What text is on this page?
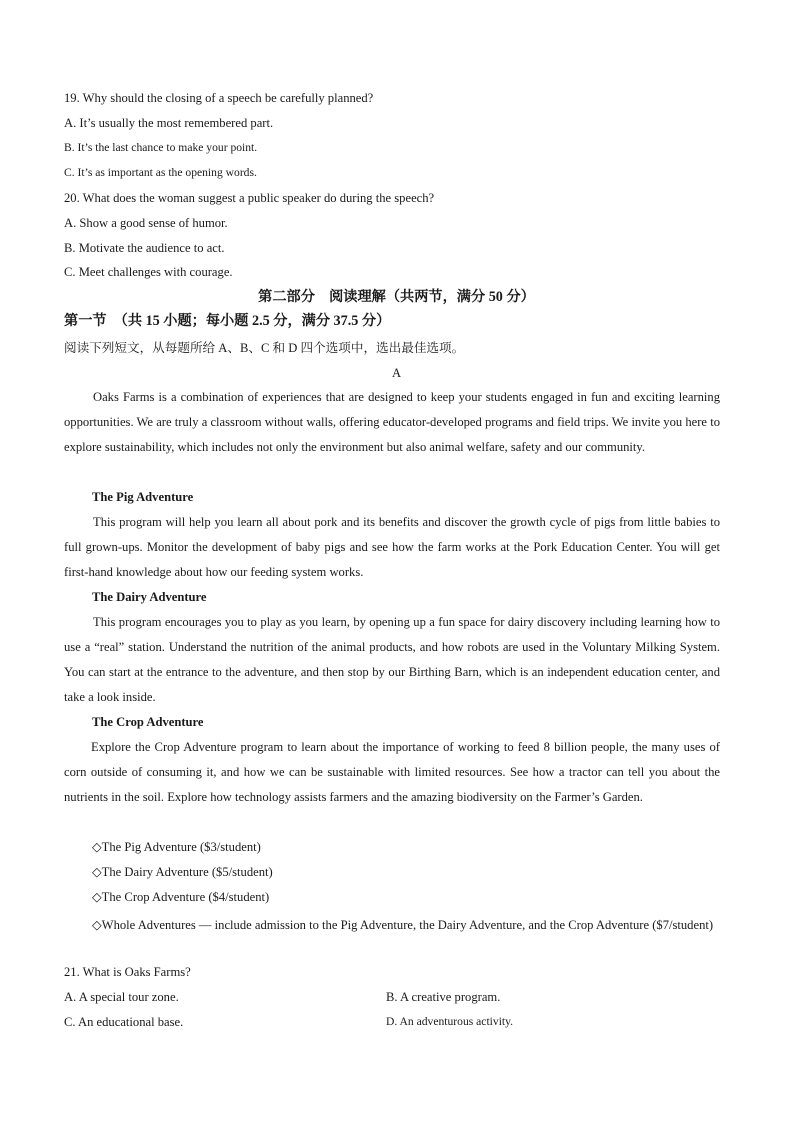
19. Why should the closing of a speech be carefully planned?
A. It’s usually the most remembered part.
B. It’s the last chance to make your point.
C. It’s as important as the opening words.
20. What does the woman suggest a public speaker do during the speech?
A. Show a good sense of humor.
B. Motivate the audience to act.
C. Meet challenges with courage.
第二部分　阅读理解（共两节，满分 50 分）
第一节　（共 15 小题；每小题 2.5 分，满分 37.5 分）
阅读下列短文，从每题所给 A、B、C 和 D 四个选项中，选出最佳选项。
A
Oaks Farms is a combination of experiences that are designed to keep your students engaged in fun and exciting learning opportunities. We are truly a classroom without walls, offering educator-developed programs and field trips. We invite you here to explore sustainability, which includes not only the environment but also animal welfare, safety and our community.
The Pig Adventure
This program will help you learn all about pork and its benefits and discover the growth cycle of pigs from little babies to full grown-ups. Monitor the development of baby pigs and see how the farm works at the Pork Education Center. You will get first-hand knowledge about how our feeding system works.
The Dairy Adventure
This program encourages you to play as you learn, by opening up a fun space for dairy discovery including learning how to use a “real” station. Understand the nutrition of the animal products, and how robots are used in the Voluntary Milking System. You can start at the entrance to the adventure, and then stop by our Birthing Barn, which is an independent education center, and take a look inside.
The Crop Adventure
Explore the Crop Adventure program to learn about the importance of working to feed 8 billion people, the many uses of corn outside of consuming it, and how we can be sustainable with limited resources. See how a tractor can tell you about the nutrients in the soil. Explore how technology assists farmers and the amazing biodiversity on the Farmer’s Garden.
◇The Pig Adventure ($3/student)
◇The Dairy Adventure ($5/student)
◇The Crop Adventure ($4/student)
◇Whole Adventures — include admission to the Pig Adventure, the Dairy Adventure, and the Crop Adventure ($7/student)
21. What is Oaks Farms?
A. A special tour zone.	B. A creative program.
C. An educational base.	D. An adventurous activity.
